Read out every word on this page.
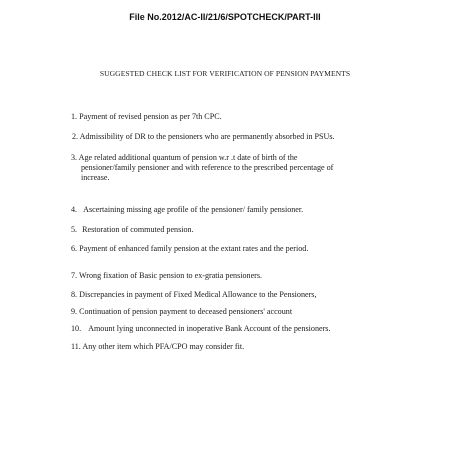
File No.2012/AC-II/21/6/SPOTCHECK/PART-III
SUGGESTED CHECK LIST FOR VERIFICATION OF PENSION PAYMENTS
1. Payment of revised pension as per 7th CPC.
2. Admissibility of DR to the pensioners who are permanently absorbed in PSUs.
3. Age related additional quantum of pension w.r .t date of birth of the
pensioner/family pensioner and with reference to the prescribed percentage of
increase.
4. Ascertaining missing age profile of the pensioner/ family pensioner.
5. Restoration of commuted pension.
6. Payment of enhanced family pension at the extant rates and the period.
7. Wrong fixation of Basic pension to ex-gratia pensioners.
8. Discrepancies in payment of Fixed Medical Allowance to the Pensioners,
9. Continuation of pension payment to deceased pensioners' account
10. Amount lying unconnected in inoperative Bank Account of the pensioners.
11. Any other item which PFA/CPO may consider fit.
